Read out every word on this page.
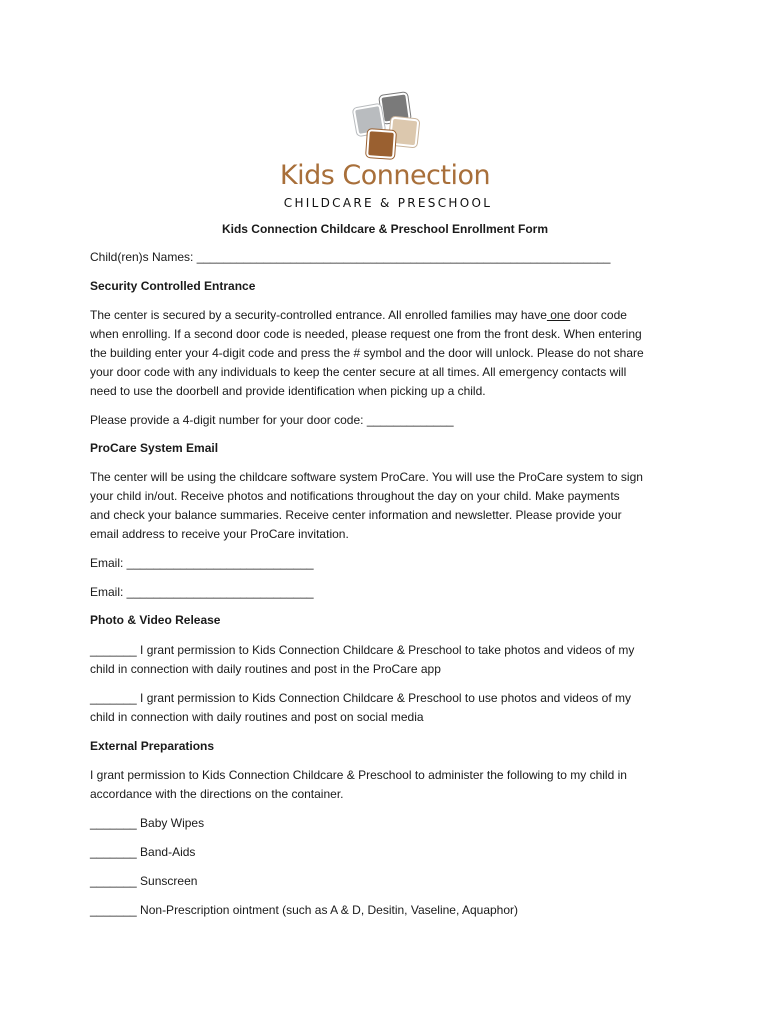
Kids Connection
CHILDCARE & PRESCHOOL
Kids Connection Childcare & Preschool Enrollment Form
Child(ren)s Names: ______________________________________________________________
Security Controlled Entrance
The center is secured by a security-controlled entrance. All enrolled families may have one door code
when enrolling. If a second door code is needed, please request one from the front desk. When entering
the building enter your 4-digit code and press the # symbol and the door will unlock. Please do not share
your door code with any individuals to keep the center secure at all times. All emergency contacts will
need to use the doorbell and provide identification when picking up a child.
Please provide a 4-digit number for your door code: _____________
ProCare System Email
The center will be using the childcare software system ProCare. You will use the ProCare system to sign
your child in/out. Receive photos and notifications throughout the day on your child. Make payments
and check your balance summaries. Receive center information and newsletter. Please provide your
email address to receive your ProCare invitation.
Email: ____________________________
Email: ____________________________
Photo & Video Release
_______ I grant permission to Kids Connection Childcare & Preschool to take photos and videos of my
child in connection with daily routines and post in the ProCare app
_______ I grant permission to Kids Connection Childcare & Preschool to use photos and videos of my
child in connection with daily routines and post on social media
External Preparations
I grant permission to Kids Connection Childcare & Preschool to administer the following to my child in
accordance with the directions on the container.
_______ Baby Wipes
_______ Band-Aids
_______ Sunscreen
_______ Non-Prescription ointment (such as A & D, Desitin, Vaseline, Aquaphor)
